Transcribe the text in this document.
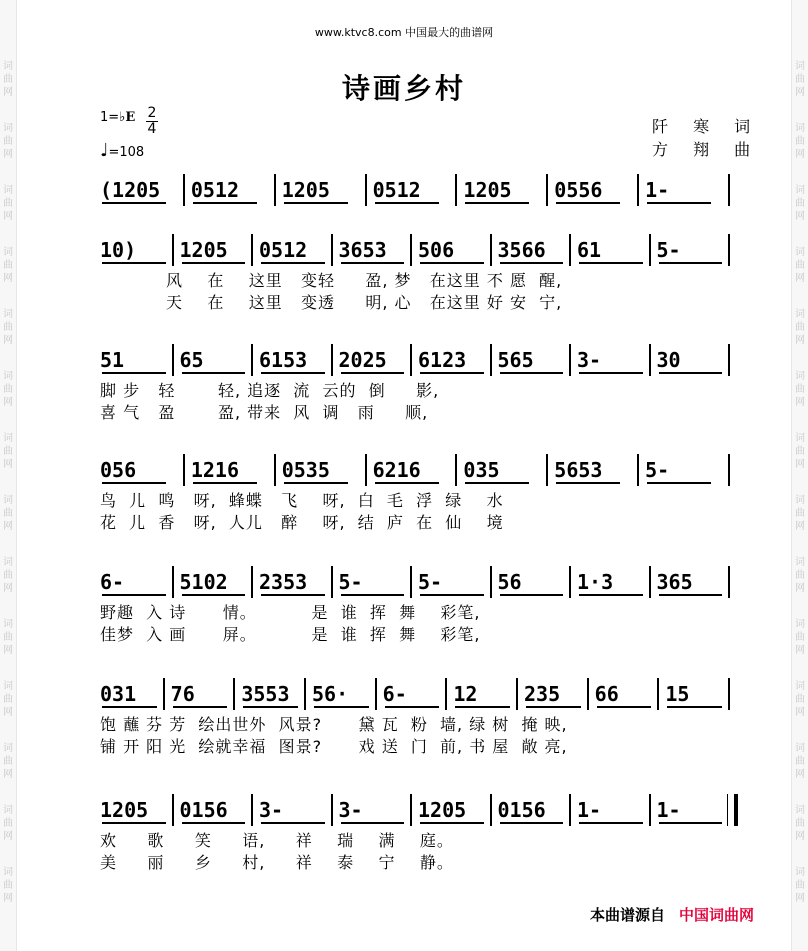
www.ktvc8.com 中国最大的曲谱网
诗画乡村
1=♭E 2
4
♩=108
阡 寒 词
方 翔 曲
(1205 0512 1205 0512 1205 0556 1-
10) 1205 0512 3653 506 3566 61	5-
风    在    这里   变轻     盈, 梦   在这里 不 愿  醒,
天    在    这里   变透     明, 心   在这里 好 安  宁,
51	65	6153 2025 6123 565 3-	30
脚 步   轻       轻, 追逐  流  云的  倒     影,
喜 气   盈       盈, 带来  风  调   雨     顺,
056	1216 0535 6216 035	5653 5-
鸟  儿  鸣   呀,  蜂蝶   飞    呀,  白  毛  浮  绿    水
花  儿  香   呀,  人儿   醉    呀,  结  庐  在  仙    境
6-	5102 2353 5-	5-	56	1·3 365
野趣  入 诗      情。         是  谁  挥  舞    彩笔,
佳梦  入 画      屏。         是  谁  挥  舞    彩笔,
031 76 3553 56· 6- 12 235 66 15
饱 蘸 芬 芳  绘出世外  风景?      黛 瓦  粉  墙, 绿 树  掩 映,
铺 开 阳 光  绘就幸福  图景?      戏 送  门  前, 书 屋  敞 亮,
1205 0156 3-	3-	1205 0156 1-	1-
欢     歌     笑     语,     祥    瑞    满    庭。
美     丽     乡     村,     祥    泰    宁    静。
本曲谱源自 中国词曲网
词
曲
网
词
曲
网
词
曲
网
词
曲
网
词
曲
网
词
曲
网
词
曲
网
词
曲
网
词
曲
网
词
曲
网
词
曲
网
词
曲
网
词
曲
网
词
曲
网
词
曲
网
词
曲
网
词
曲
网
词
曲
网
词
曲
网
词
曲
网
词
曲
网
词
曲
网
词
曲
网
词
曲
网
词
曲
网
词
曲
网
词
曲
网
词
曲
网
